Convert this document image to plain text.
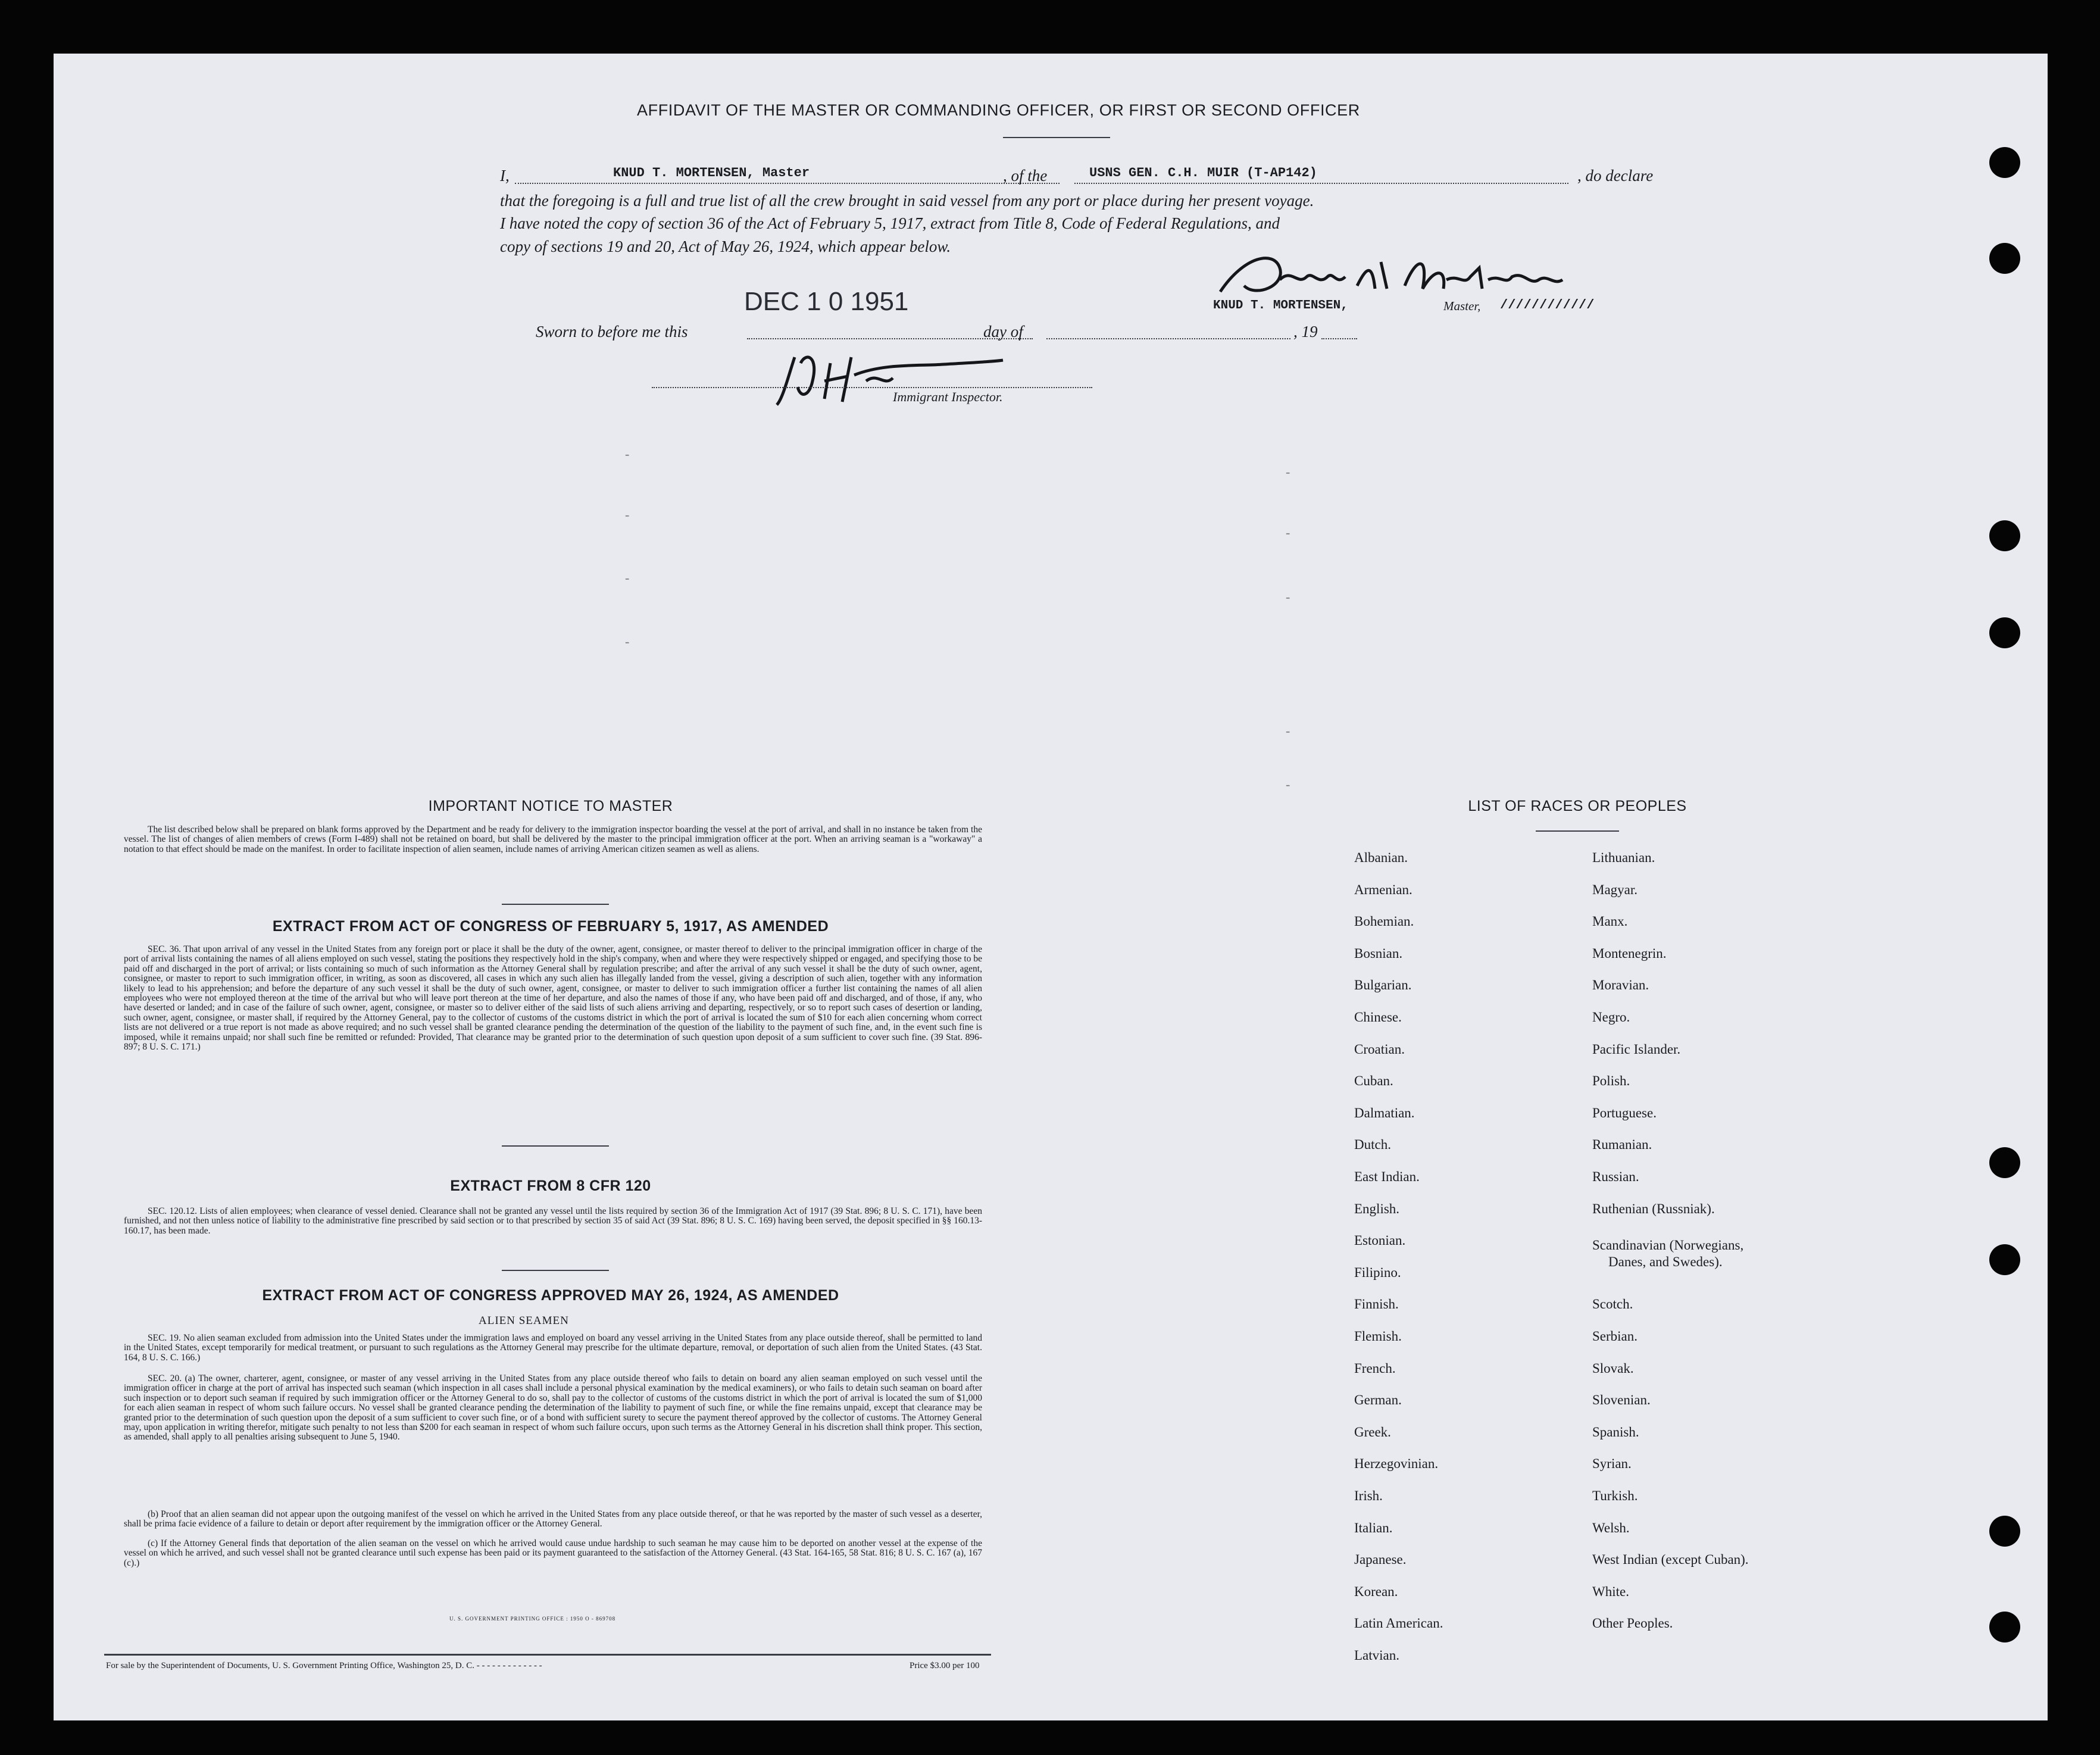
AFFIDAVIT OF THE MASTER OR COMMANDING OFFICER, OR FIRST OR SECOND OFFICER
I,	KNUD T. MORTENSEN, Master	, of the	USNS GEN. C.H. MUIR (T-AP142)	, do declare
that the foregoing is a full and true list of all the crew brought in said vessel from any port or place during her present voyage.
I have noted the copy of section 36 of the Act of February 5, 1917, extract from Title 8, Code of Federal Regulations, and
copy of sections 19 and 20, Act of May 26, 1924, which appear below.
KNUD T. MORTENSEN,	Master, ////////////
DEC 1 0 1951
Sworn to before me this	day of	, 19
Immigrant Inspector.
-
-
-
-
-
-
-
-
-
IMPORTANT NOTICE TO MASTER
The list described below shall be prepared on blank forms approved by the Department and be ready for delivery to the immigration inspector boarding the vessel at the port of arrival, and shall in no instance be taken from the vessel. The list of changes of alien members of crews (Form I-489) shall not be retained on board, but shall be delivered by the master to the principal immigration officer at the port. When an arriving seaman is a "workaway" a notation to that effect should be made on the manifest. In order to facilitate inspection of alien seamen, include names of arriving American citizen seamen as well as aliens.
EXTRACT FROM ACT OF CONGRESS OF FEBRUARY 5, 1917, AS AMENDED
SEC. 36. That upon arrival of any vessel in the United States from any foreign port or place it shall be the duty of the owner, agent, consignee, or master thereof to deliver to the principal immigration officer in charge of the port of arrival lists containing the names of all aliens employed on such vessel, stating the positions they respectively hold in the ship's company, when and where they were respectively shipped or engaged, and specifying those to be paid off and discharged in the port of arrival; or lists containing so much of such information as the Attorney General shall by regulation prescribe; and after the arrival of any such vessel it shall be the duty of such owner, agent, consignee, or master to report to such immigration officer, in writing, as soon as discovered, all cases in which any such alien has illegally landed from the vessel, giving a description of such alien, together with any information likely to lead to his apprehension; and before the departure of any such vessel it shall be the duty of such owner, agent, consignee, or master to deliver to such immigration officer a further list containing the names of all alien employees who were not employed thereon at the time of the arrival but who will leave port thereon at the time of her departure, and also the names of those if any, who have been paid off and discharged, and of those, if any, who have deserted or landed; and in case of the failure of such owner, agent, consignee, or master so to deliver either of the said lists of such aliens arriving and departing, respectively, or so to report such cases of desertion or landing, such owner, agent, consignee, or master shall, if required by the Attorney General, pay to the collector of customs of the customs district in which the port of arrival is located the sum of $10 for each alien concerning whom correct lists are not delivered or a true report is not made as above required; and no such vessel shall be granted clearance pending the determination of the question of the liability to the payment of such fine, and, in the event such fine is imposed, while it remains unpaid; nor shall such fine be remitted or refunded: Provided, That clearance may be granted prior to the determination of such question upon deposit of a sum sufficient to cover such fine. (39 Stat. 896-897; 8 U. S. C. 171.)
EXTRACT FROM 8 CFR 120
SEC. 120.12. Lists of alien employees; when clearance of vessel denied. Clearance shall not be granted any vessel until the lists required by section 36 of the Immigration Act of 1917 (39 Stat. 896; 8 U. S. C. 171), have been furnished, and not then unless notice of liability to the administrative fine prescribed by said section or to that prescribed by section 35 of said Act (39 Stat. 896; 8 U. S. C. 169) having been served, the deposit specified in §§ 160.13-160.17, has been made.
EXTRACT FROM ACT OF CONGRESS APPROVED MAY 26, 1924, AS AMENDED
ALIEN SEAMEN
SEC. 19. No alien seaman excluded from admission into the United States under the immigration laws and employed on board any vessel arriving in the United States from any place outside thereof, shall be permitted to land in the United States, except temporarily for medical treatment, or pursuant to such regulations as the Attorney General may prescribe for the ultimate departure, removal, or deportation of such alien from the United States. (43 Stat. 164, 8 U. S. C. 166.)
SEC. 20. (a) The owner, charterer, agent, consignee, or master of any vessel arriving in the United States from any place outside thereof who fails to detain on board any alien seaman employed on such vessel until the immigration officer in charge at the port of arrival has inspected such seaman (which inspection in all cases shall include a personal physical examination by the medical examiners), or who fails to detain such seaman on board after such inspection or to deport such seaman if required by such immigration officer or the Attorney General to do so, shall pay to the collector of customs of the customs district in which the port of arrival is located the sum of $1,000 for each alien seaman in respect of whom such failure occurs. No vessel shall be granted clearance pending the determination of the liability to payment of such fine, or while the fine remains unpaid, except that clearance may be granted prior to the determination of such question upon the deposit of a sum sufficient to cover such fine, or of a bond with sufficient surety to secure the payment thereof approved by the collector of customs. The Attorney General may, upon application in writing therefor, mitigate such penalty to not less than $200 for each seaman in respect of whom such failure occurs, upon such terms as the Attorney General in his discretion shall think proper. This section, as amended, shall apply to all penalties arising subsequent to June 5, 1940.
(b) Proof that an alien seaman did not appear upon the outgoing manifest of the vessel on which he arrived in the United States from any place outside thereof, or that he was reported by the master of such vessel as a deserter, shall be prima facie evidence of a failure to detain or deport after requirement by the immigration officer or the Attorney General.
(c) If the Attorney General finds that deportation of the alien seaman on the vessel on which he arrived would cause undue hardship to such seaman he may cause him to be deported on another vessel at the expense of the vessel on which he arrived, and such vessel shall not be granted clearance until such expense has been paid or its payment guaranteed to the satisfaction of the Attorney General. (43 Stat. 164-165, 58 Stat. 816; 8 U. S. C. 167 (a), 167 (c).)
U. S. GOVERNMENT PRINTING OFFICE : 1950 O - 869708
For sale by the Superintendent of Documents, U. S. Government Printing Office, Washington 25, D. C. - - - - - - - - - - - - -	Price $3.00 per 100
LIST OF RACES OR PEOPLES
Albanian.
Armenian.
Bohemian.
Bosnian.
Bulgarian.
Chinese.
Croatian.
Cuban.
Dalmatian.
Dutch.
East Indian.
English.
Estonian.
Filipino.
Finnish.
Flemish.
French.
German.
Greek.
Herzegovinian.
Irish.
Italian.
Japanese.
Korean.
Latin American.
Latvian.
Lithuanian.
Magyar.
Manx.
Montenegrin.
Moravian.
Negro.
Pacific Islander.
Polish.
Portuguese.
Rumanian.
Russian.
Ruthenian (Russniak).
Scandinavian (Norwegians,
Danes, and Swedes).
Scotch.
Serbian.
Slovak.
Slovenian.
Spanish.
Syrian.
Turkish.
Welsh.
West Indian (except Cuban).
White.
Other Peoples.
